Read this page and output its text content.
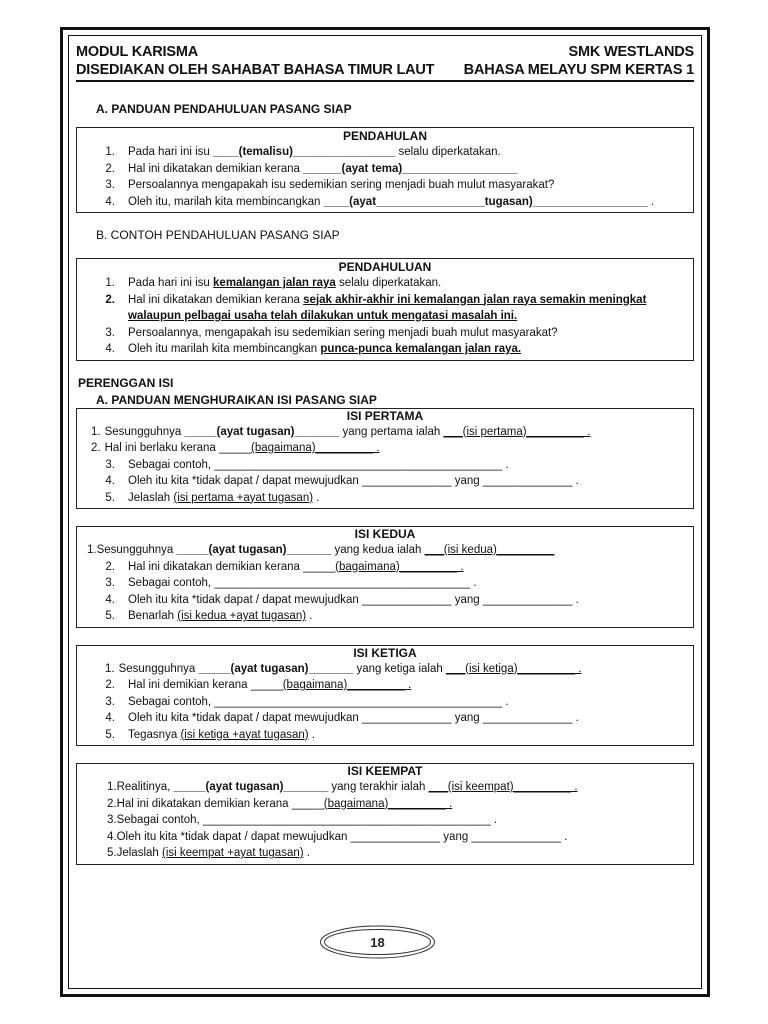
MODUL KARISMA	SMK WESTLANDS
DISEDIAKAN OLEH SAHABAT BAHASA TIMUR LAUT BAHASA MELAYU SPM KERTAS 1
A. PANDUAN PENDAHULUAN PASANG SIAP
PENDAHULAN
1.	Pada hari ini isu ____(temalisu)________________ selalu diperkatakan.
2.	Hal ini dikatakan demikian kerana ______(ayat tema)__________________
3.	Persoalannya mengapakah isu sedemikian sering menjadi buah mulut masyarakat?
4.	Oleh itu, marilah kita membincangkan ____(ayat_________________tugasan)__________________ .
B. CONTOH PENDAHULUAN PASANG SIAP
PENDAHULUAN
1.	Pada hari ini isu kemalangan jalan raya selalu diperkatakan.
2.	Hal ini dikatakan demikian kerana sejak akhir-akhir ini kemalangan jalan raya semakin meningkat
walaupun pelbagai usaha telah dilakukan untuk mengatasi masalah ini.
3.	Persoalannya, mengapakah isu sedemikian sering menjadi buah mulut masyarakat?
4.	Oleh itu marilah kita membincangkan punca-punca kemalangan jalan raya.
PERENGGAN ISI
A. PANDUAN MENGHURAIKAN ISI PASANG SIAP
ISI PERTAMA
1. Sesungguhnya _____(ayat tugasan)_______ yang pertama ialah ___(isi pertama)_________ .
2. Hal ini berlaku kerana _____(bagaimana)_________ .
3.	Sebagai contoh, _____________________________________________ .
4.	Oleh itu kita *tidak dapat / dapat mewujudkan ______________ yang ______________ .
5.	Jelaslah (isi pertama +ayat tugasan) .
ISI KEDUA
1. Sesungguhnya _____(ayat tugasan)_______ yang kedua ialah ___(isi kedua)_________
2.	Hal ini dikatakan demikian kerana _____(bagaimana)_________ .
3.	Sebagai contoh, ________________________________________ .
4.	Oleh itu kita *tidak dapat / dapat mewujudkan ______________ yang ______________ .
5.	Benarlah (isi kedua +ayat tugasan) .
ISI KETIGA
1. Sesungguhnya _____(ayat tugasan)_______ yang ketiga ialah ___(isi ketiga)_________ .
2.	Hal ini demikian kerana _____(bagaimana)_________ .
3.	Sebagai contoh, _____________________________________________ .
4.	Oleh itu kita *tidak dapat / dapat mewujudkan ______________ yang ______________ .
5.	Tegasnya (isi ketiga +ayat tugasan) .
ISI KEEMPAT
1. Realitinya, _____(ayat tugasan)_______ yang terakhir ialah ___(isi keempat)_________ .
2. Hal ini dikatakan demikian kerana _____(bagaimana)_________ .
3. Sebagai contoh, _____________________________________________ .
4. Oleh itu kita *tidak dapat / dapat mewujudkan ______________ yang ______________ .
5. Jelaslah (isi keempat +ayat tugasan) .
18
